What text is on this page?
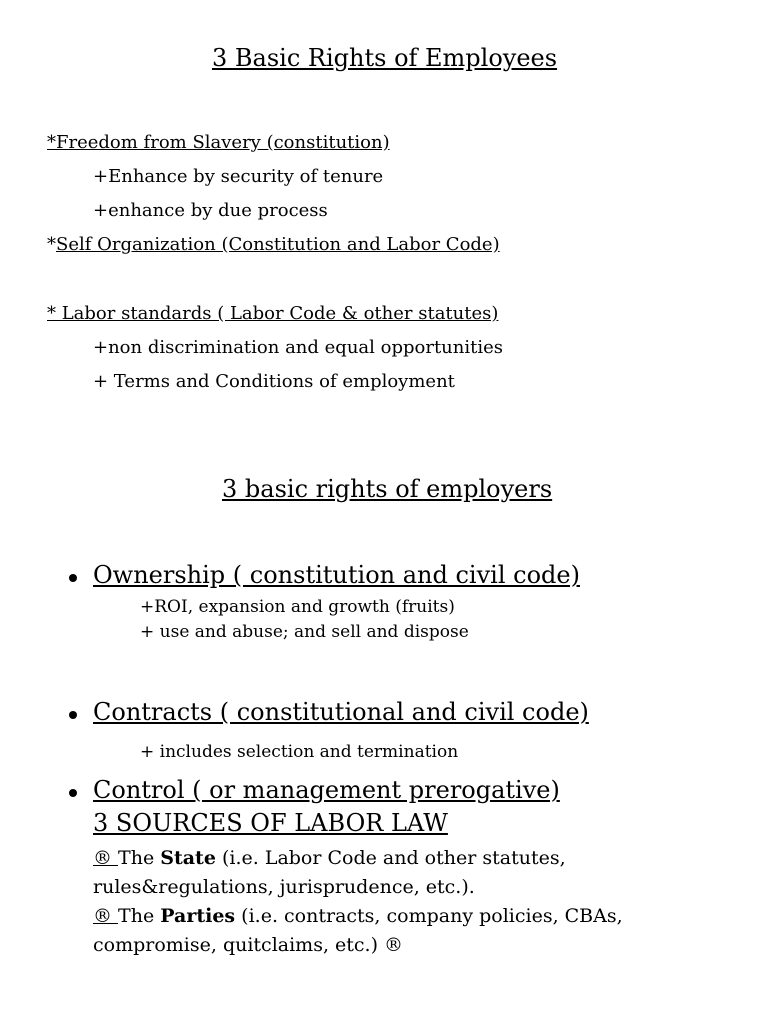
3 Basic Rights of Employees
*Freedom from Slavery (constitution)
+Enhance by security of tenure
+enhance by due process
*Self Organization (Constitution and Labor Code)
* Labor standards ( Labor Code & other statutes)
+non discrimination and equal opportunities
+ Terms and Conditions of employment
3 basic rights of employers
Ownership ( constitution and civil code)
+ROI, expansion and growth (fruits)
+ use and abuse; and sell and dispose
Contracts ( constitutional and civil code)
+ includes selection and termination
Control ( or management prerogative)
3 SOURCES OF LABOR LAW
® The State (i.e. Labor Code and other statutes,
rules&regulations, jurisprudence, etc.).
® The Parties (i.e. contracts, company policies, CBAs,
compromise, quitclaims, etc.) ®
